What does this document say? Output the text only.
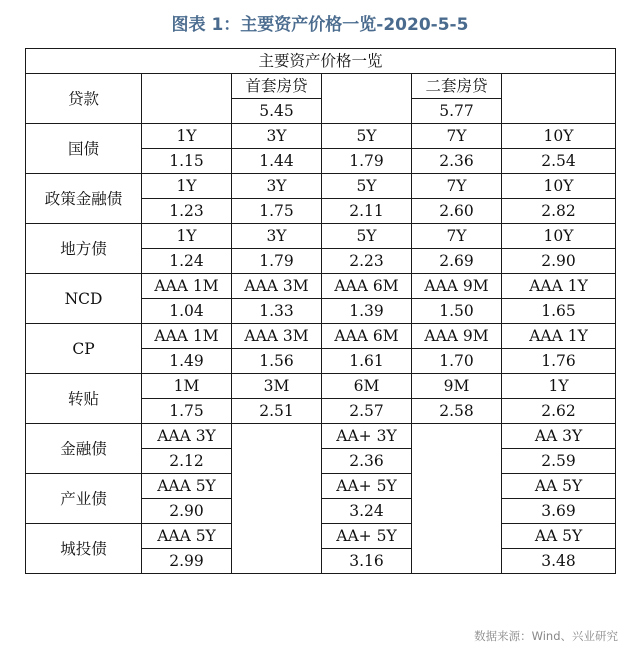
图表 1：主要资产价格一览-2020-5-5
主要资产价格一览					
贷款		首套房贷		二套房贷	
		5.45		5.77	
国债	1Y	3Y	5Y	7Y	10Y
	1.15	1.44	1.79	2.36	2.54
政策金融债	1Y	3Y	5Y	7Y	10Y
	1.23	1.75	2.11	2.60	2.82
地方债	1Y	3Y	5Y	7Y	10Y
	1.24	1.79	2.23	2.69	2.90
NCD	AAA 1M	AAA 3M	AAA 6M	AAA 9M	AAA 1Y
	1.04	1.33	1.39	1.50	1.65
CP	AAA 1M	AAA 3M	AAA 6M	AAA 9M	AAA 1Y
	1.49	1.56	1.61	1.70	1.76
转贴	1M	3M	6M	9M	1Y
	1.75	2.51	2.57	2.58	2.62
金融债	AAA 3Y		AA+ 3Y		AA 3Y
	2.12		2.36		2.59
产业债	AAA 5Y		AA+ 5Y		AA 5Y
	2.90		3.24		3.69
城投债	AAA 5Y		AA+ 5Y		AA 5Y
	2.99		3.16		3.48
数据来源：Wind、兴业研究
